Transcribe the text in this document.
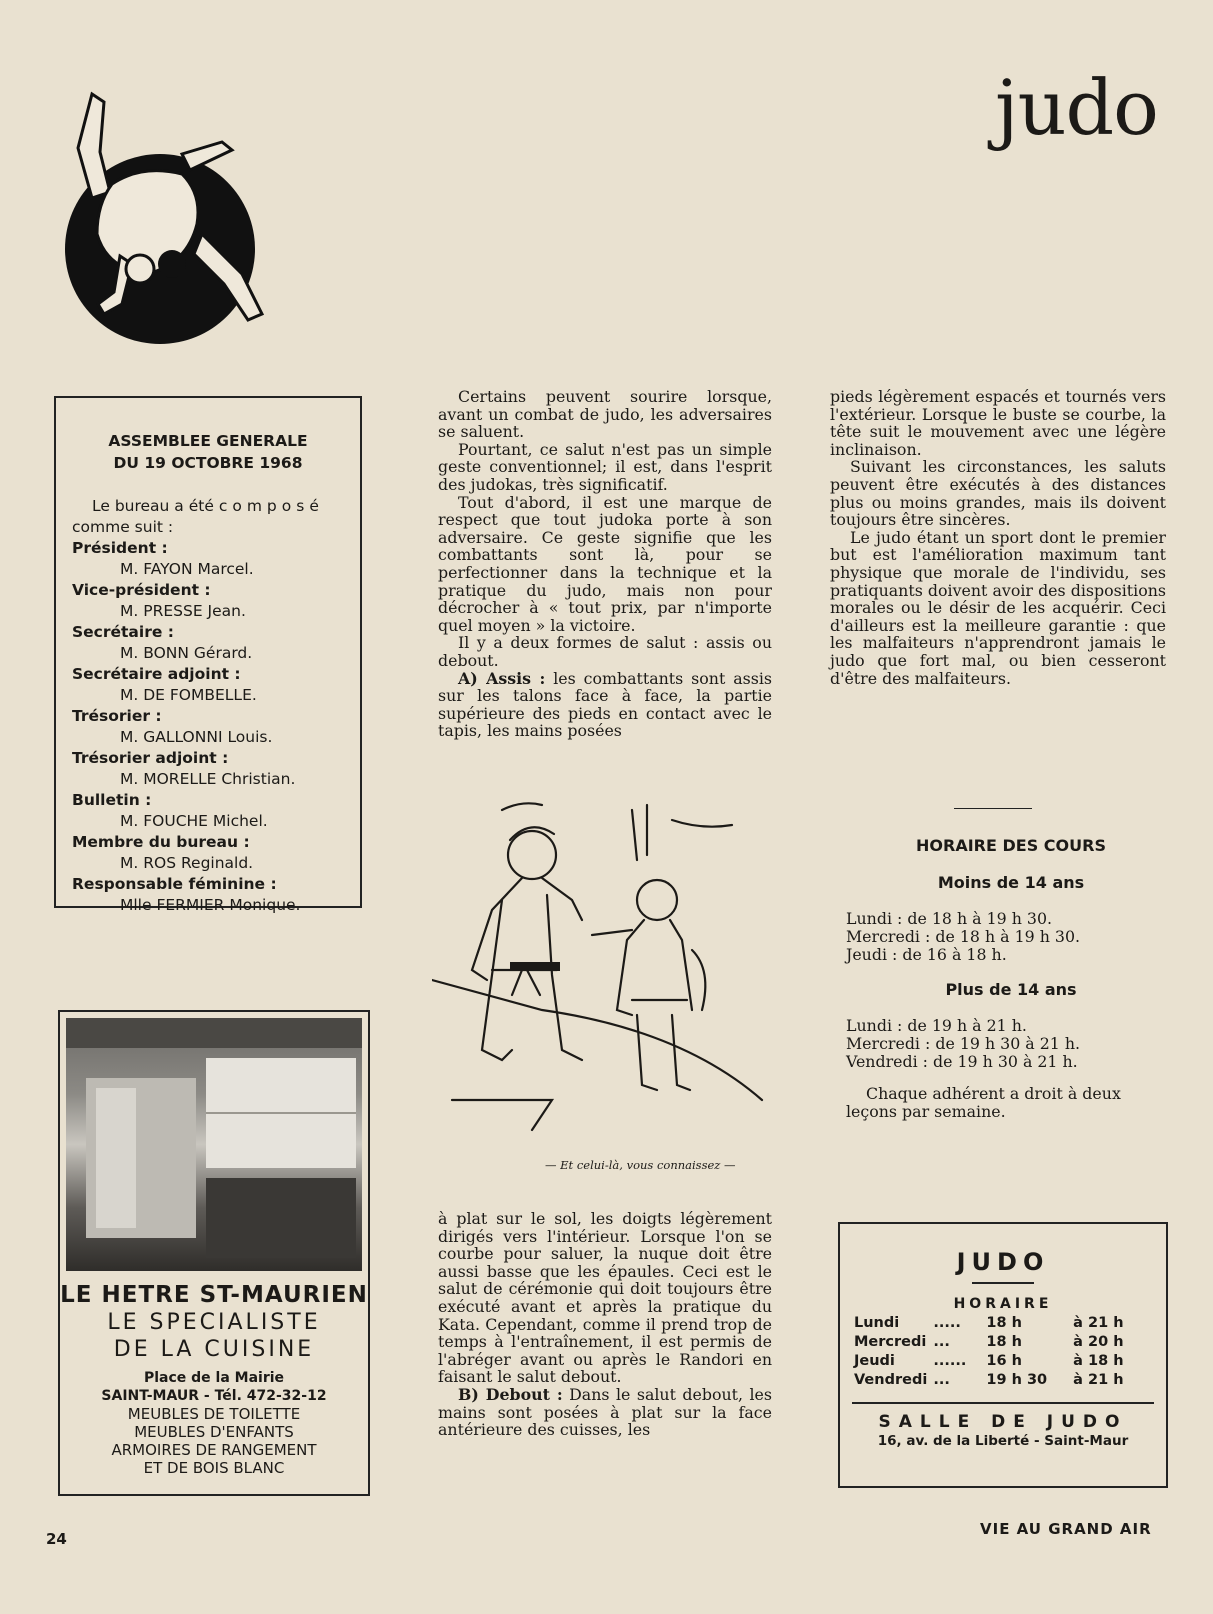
judo
ASSEMBLEE GENERALE
DU 19 OCTOBRE 1968
Le bureau a été composé comme suit :
Président :
M. FAYON Marcel.
Vice-président :
M. PRESSE Jean.
Secrétaire :
M. BONN Gérard.
Secrétaire adjoint :
M. DE FOMBELLE.
Trésorier :
M. GALLONNI Louis.
Trésorier adjoint :
M. MORELLE Christian.
Bulletin :
M. FOUCHE Michel.
Membre du bureau :
M. ROS Reginald.
Responsable féminine :
Mlle FERMIER Monique.
LE HETRE ST-MAURIEN
LE SPECIALISTE
DE LA CUISINE
Place de la Mairie
SAINT-MAUR - Tél. 472-32-12
MEUBLES DE TOILETTE
MEUBLES D'ENFANTS
ARMOIRES DE RANGEMENT
ET DE BOIS BLANC

Certains peuvent sourire lorsque, avant un combat de judo, les adversaires se saluent.

Pourtant, ce salut n'est pas un simple geste conventionnel; il est, dans l'esprit des judokas, très significatif.

Tout d'abord, il est une marque de respect que tout judoka porte à son adversaire. Ce geste signifie que les combattants sont là, pour se perfectionner dans la technique et la pratique du judo, mais non pour décrocher à « tout prix, par n'importe quel moyen » la victoire.

Il y a deux formes de salut : assis ou debout.

A) Assis : les combattants sont assis sur les talons face à face, la partie supérieure des pieds en contact avec le tapis, les mains posées

— Et celui-là, vous connaissez —

à plat sur le sol, les doigts légèrement dirigés vers l'intérieur. Lorsque l'on se courbe pour saluer, la nuque doit être aussi basse que les épaules. Ceci est le salut de cérémonie qui doit toujours être exécuté avant et après la pratique du Kata. Cependant, comme il prend trop de temps à l'entraînement, il est permis de l'abréger avant ou après le Randori en faisant le salut debout.

B) Debout : Dans le salut debout, les mains sont posées à plat sur la face antérieure des cuisses, les

pieds légèrement espacés et tournés vers l'extérieur. Lorsque le buste se courbe, la tête suit le mouvement avec une légère inclinaison.

Suivant les circonstances, les saluts peuvent être exécutés à des distances plus ou moins grandes, mais ils doivent toujours être sincères.

Le judo étant un sport dont le premier but est l'amélioration maximum tant physique que morale de l'individu, ses pratiquants doivent avoir des dispositions morales ou le désir de les acquérir. Ceci d'ailleurs est la meilleure garantie : que les malfaiteurs n'apprendront jamais le judo que fort mal, ou bien cesseront d'être des malfaiteurs.

HORAIRE DES COURS
Moins de 14 ans
Lundi : de 18 h à 19 h 30.
Mercredi : de 18 h à 19 h 30.
Jeudi : de 16 à 18 h.
Plus de 14 ans
Lundi : de 19 h à 21 h.
Mercredi : de 19 h 30 à 21 h.
Vendredi : de 19 h 30 à 21 h.
Chaque adhérent a droit à deux leçons par semaine.
JUDO
HORAIRE
Lundi	.....	18 h	à 21 h
Mercredi	...	18 h	à 20 h
Jeudi	......	16 h	à 18 h
Vendredi	...	19 h 30	à 21 h
SALLE DE JUDO
16, av. de la Liberté - Saint-Maur
24
VIE AU GRAND AIR
